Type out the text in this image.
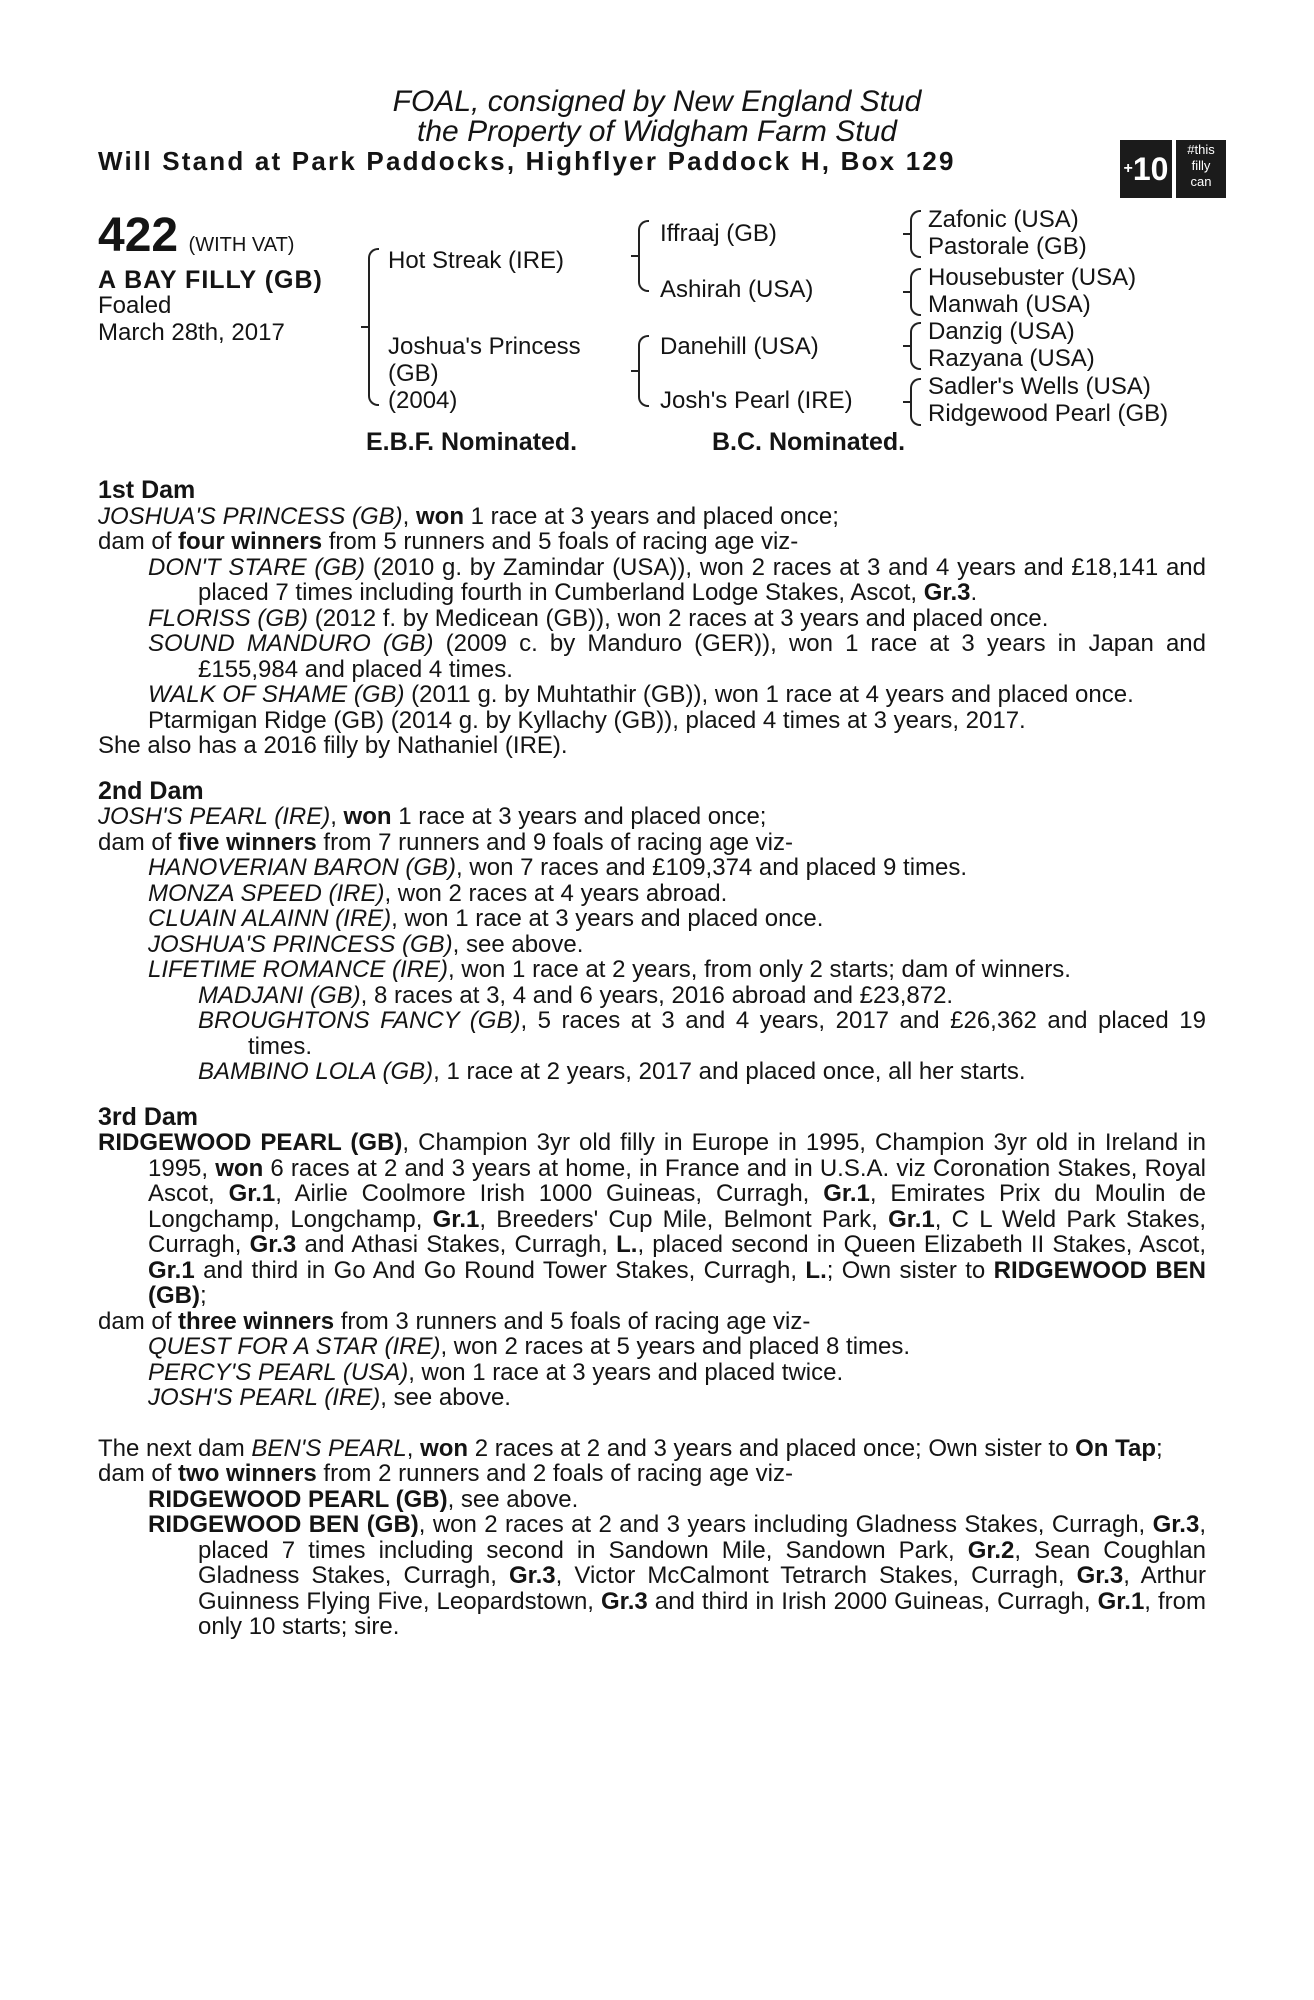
FOAL, consigned by New England Stud
the Property of Widgham Farm Stud
Will Stand at Park Paddocks, Highflyer Paddock H, Box 129	+10
#this
filly
can
422 (WITH VAT)
A BAY FILLY (GB)
Foaled
March 28th, 2017
Hot Streak (IRE)
Joshua's Princess
(GB)
(2004)
Iffraaj (GB)
Ashirah (USA)
Danehill (USA)
Josh's Pearl (IRE)
Zafonic (USA)
Pastorale (GB)
Housebuster (USA)
Manwah (USA)
Danzig (USA)
Razyana (USA)
Sadler's Wells (USA)
Ridgewood Pearl (GB)
E.B.F. Nominated.	B.C. Nominated.

1st Dam

JOSHUA'S PRINCESS (GB), won 1 race at 3 years and placed once;

dam of four winners from 5 runners and 5 foals of racing age viz-

DON'T STARE (GB) (2010 g. by Zamindar (USA)), won 2 races at 3 and 4 years and £18,141 and placed 7 times including fourth in Cumberland Lodge Stakes, Ascot, Gr.3.

FLORISS (GB) (2012 f. by Medicean (GB)), won 2 races at 3 years and placed once.

SOUND MANDURO (GB) (2009 c. by Manduro (GER)), won 1 race at 3 years in Japan and £155,984 and placed 4 times.

WALK OF SHAME (GB) (2011 g. by Muhtathir (GB)), won 1 race at 4 years and placed once.

Ptarmigan Ridge (GB) (2014 g. by Kyllachy (GB)), placed 4 times at 3 years, 2017.

She also has a 2016 filly by Nathaniel (IRE).

2nd Dam

JOSH'S PEARL (IRE), won 1 race at 3 years and placed once;

dam of five winners from 7 runners and 9 foals of racing age viz-

HANOVERIAN BARON (GB), won 7 races and £109,374 and placed 9 times.

MONZA SPEED (IRE), won 2 races at 4 years abroad.

CLUAIN ALAINN (IRE), won 1 race at 3 years and placed once.

JOSHUA'S PRINCESS (GB), see above.

LIFETIME ROMANCE (IRE), won 1 race at 2 years, from only 2 starts; dam of winners.

MADJANI (GB), 8 races at 3, 4 and 6 years, 2016 abroad and £23,872.

BROUGHTONS FANCY (GB), 5 races at 3 and 4 years, 2017 and £26,362 and placed 19 times.

BAMBINO LOLA (GB), 1 race at 2 years, 2017 and placed once, all her starts.

3rd Dam

RIDGEWOOD PEARL (GB), Champion 3yr old filly in Europe in 1995, Champion 3yr old in Ireland in 1995, won 6 races at 2 and 3 years at home, in France and in U.S.A. viz Coronation Stakes, Royal Ascot, Gr.1, Airlie Coolmore Irish 1000 Guineas, Curragh, Gr.1, Emirates Prix du Moulin de Longchamp, Longchamp, Gr.1, Breeders' Cup Mile, Belmont Park, Gr.1, C L Weld Park Stakes, Curragh, Gr.3 and Athasi Stakes, Curragh, L., placed second in Queen Elizabeth II Stakes, Ascot, Gr.1 and third in Go And Go Round Tower Stakes, Curragh, L.; Own sister to RIDGEWOOD BEN (GB);

dam of three winners from 3 runners and 5 foals of racing age viz-

QUEST FOR A STAR (IRE), won 2 races at 5 years and placed 8 times.

PERCY'S PEARL (USA), won 1 race at 3 years and placed twice.

JOSH'S PEARL (IRE), see above.

The next dam BEN'S PEARL, won 2 races at 2 and 3 years and placed once; Own sister to On Tap;

dam of two winners from 2 runners and 2 foals of racing age viz-

RIDGEWOOD PEARL (GB), see above.

RIDGEWOOD BEN (GB), won 2 races at 2 and 3 years including Gladness Stakes, Curragh, Gr.3, placed 7 times including second in Sandown Mile, Sandown Park, Gr.2, Sean Coughlan Gladness Stakes, Curragh, Gr.3, Victor McCalmont Tetrarch Stakes, Curragh, Gr.3, Arthur Guinness Flying Five, Leopardstown, Gr.3 and third in Irish 2000 Guineas, Curragh, Gr.1, from only 10 starts; sire.
